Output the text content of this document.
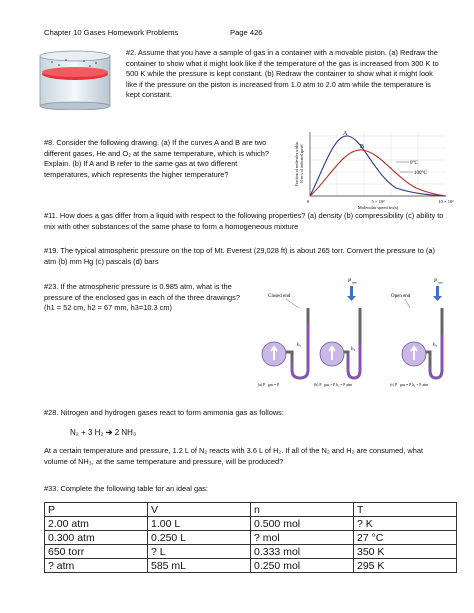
Chapter 10 Gases Homework Problems	Page 426
#2. Assume that you have a sample of gas in a container with a movable piston. (a) Redraw the container to show what it might look like if the temperature of the gas is increased from 300 K to 500 K while the pressure is kept constant. (b) Redraw the container to show what it might look like if the pressure on the piston is increased from 1.0 atm to 2.0 atm while the temperature is kept constant.
#8. Consider the following drawing. (a) If the curves A and B are two different gases, He and O₂ at the same temperature, which is which? Explain. (b) If A and B refer to the same gas at two different temperatures, which represents the higher temperature?
A
B
0°C
100°C
0	5 × 10²	10 × 10²
Molecular speed (m/s)
Fraction of molecules within 10 m/s of indicated speed
#11. How does a gas differ from a liquid with respect to the following properties? (a) density (b) compressibility (c) ability to mix with other substances of the same phase to form a homogeneous mixture
#19. The typical atmospheric pressure on the top of Mt. Everest (29,028 ft) is about 265 torr. Convert the pressure to (a) atm (b) mm Hg (c) pascals (d) bars
#23. If the atmospheric pressure is 0.985 atm, what is the pressure of the enclosed gas in each of the three drawings? (h1 = 52 cm, h2 = 67 mm, h3=10.3 cm)
Closed end	Open end
P atm	P atm
h₁
h₂
h₃
(a) P gas = P	(b) P gas + P h₂ = P atm	(c) P gas = P h₃ + P atm
#28. Nitrogen and hydrogen gases react to form ammonia gas as follows:
N₂ + 3 H₂ ➔ 2 NH₃
At a certain temperature and pressure, 1.2 L of N₂ reacts with 3.6 L of H₂. If all of the N₂ and H₂ are consumed, what volume of NH₃, at the same temperature and pressure, will be produced?
#33. Complete the following table for an ideal gas:
P	V	n	T
2.00 atm	1.00 L	0.500 mol	? K
0.300 atm	0.250 L	? mol	27 °C
650 torr	? L	0.333 mol	350 K
? atm	585 mL	0.250 mol	295 K
